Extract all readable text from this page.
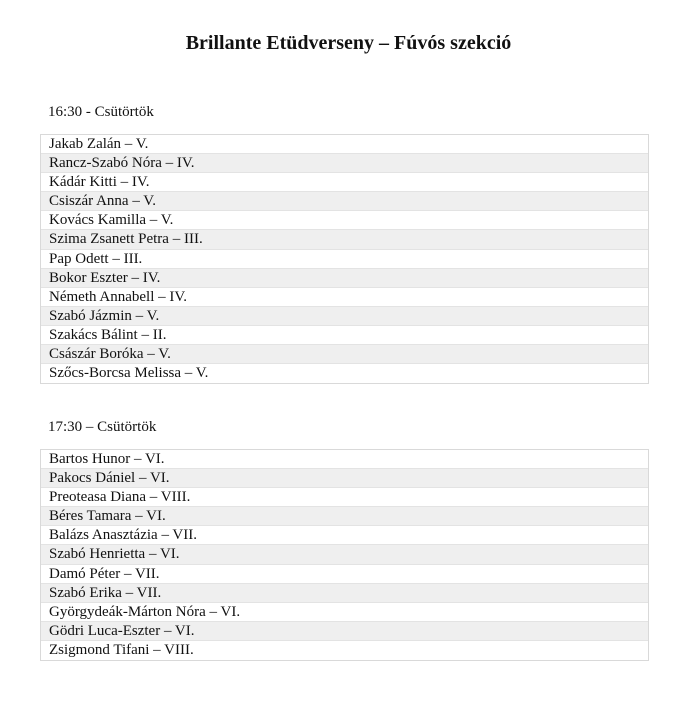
Brillante Etüdverseny – Fúvós szekció
16:30 - Csütörtök
Jakab Zalán – V.
Rancz-Szabó Nóra – IV.
Kádár Kitti – IV.
Csiszár Anna – V.
Kovács Kamilla – V.
Szima Zsanett Petra – III.
Pap Odett – III.
Bokor Eszter – IV.
Németh Annabell – IV.
Szabó Jázmin – V.
Szakács Bálint – II.
Császár Boróka – V.
Szőcs-Borcsa Melissa – V.
17:30 – Csütörtök
Bartos Hunor – VI.
Pakocs Dániel – VI.
Preoteasa Diana – VIII.
Béres Tamara – VI.
Balázs Anasztázia – VII.
Szabó Henrietta – VI.
Damó Péter – VII.
Szabó Erika – VII.
Györgydeák-Márton Nóra – VI.
Gödri Luca-Eszter – VI.
Zsigmond Tifani – VIII.
